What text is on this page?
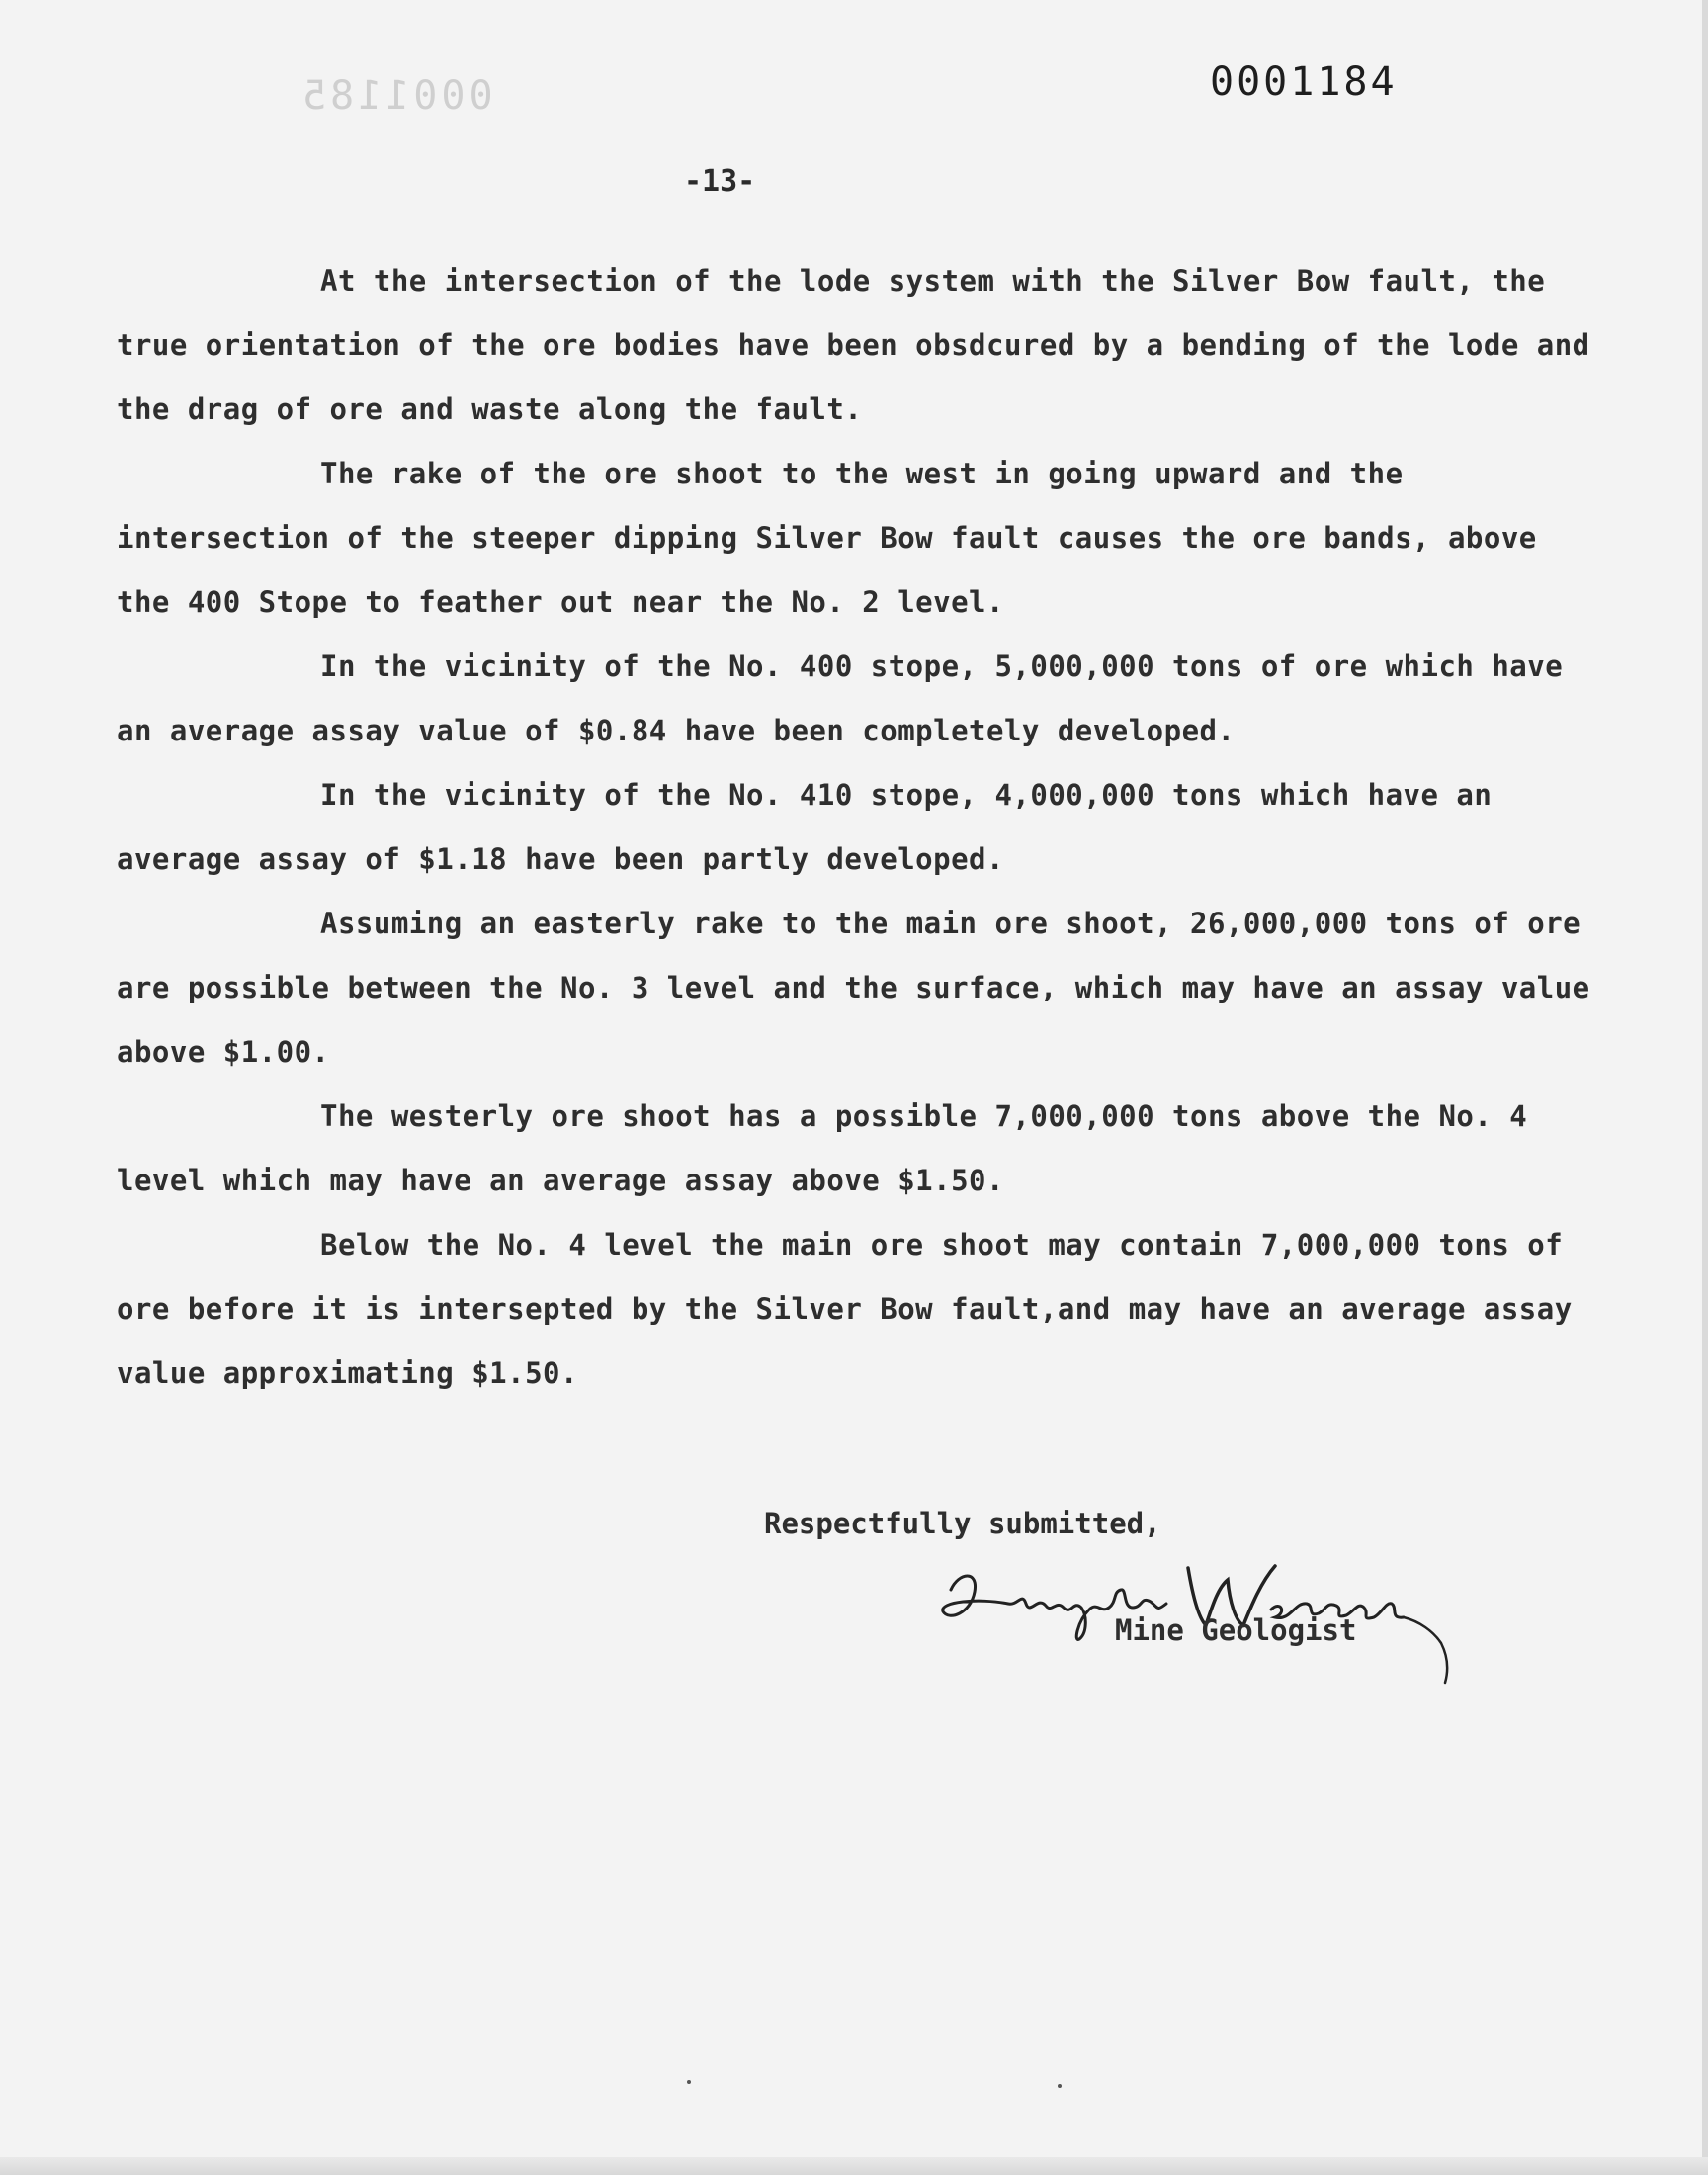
0001185	0001184
-13-

At the intersection of the lode system with the Silver Bow fault, the true orientation of the ore bodies have been obsdcured by a bending of the lode and the drag of ore and waste along the fault.

The rake of the ore shoot to the west in going upward and the intersection of the steeper dipping Silver Bow fault causes the ore bands, above the 400 Stope to feather out near the No. 2 level.

In the vicinity of the No. 400 stope, 5,000,000 tons of ore which have an average assay value of $0.84 have been completely developed.

In the vicinity of the No. 410 stope, 4,000,000 tons which have an average assay of $1.18 have been partly developed.

Assuming an easterly rake to the main ore shoot, 26,000,000 tons of ore are possible between the No. 3 level and the surface, which may have an assay value above $1.00.

The westerly ore shoot has a possible 7,000,000 tons above the No. 4 level which may have an average assay above $1.50.

Below the No. 4 level the main ore shoot may contain 7,000,000 tons of ore before it is intersepted by the Silver Bow fault,and may have an average assay value approximating $1.50.

Respectfully submitted,
Mine Geologist
